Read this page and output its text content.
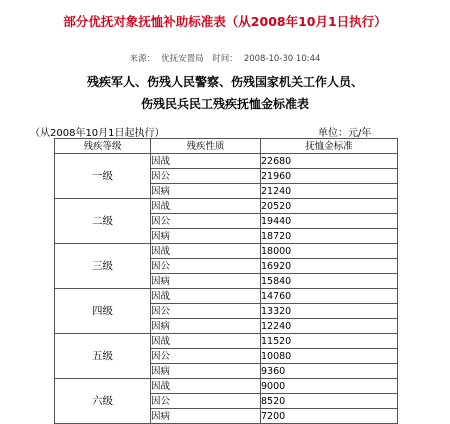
部分优抚对象抚恤补助标准表（从2008年10月1日执行）
来源： 优抚安置局 时间： 2008-10-30 10:44
残疾军人、伤残人民警察、伤残国家机关工作人员、
伤残民兵民工残疾抚恤金标准表
（从2008年10月1日起执行）	单位：元/年
残疾等级	残疾性质	抚恤金标准
一级	因战	22680
	因公	21960
	因病	21240
二级	因战	20520
	因公	19440
	因病	18720
三级	因战	18000
	因公	16920
	因病	15840
四级	因战	14760
	因公	13320
	因病	12240
五级	因战	11520
	因公	10080
	因病	9360
六级	因战	9000
	因公	8520
	因病	7200
